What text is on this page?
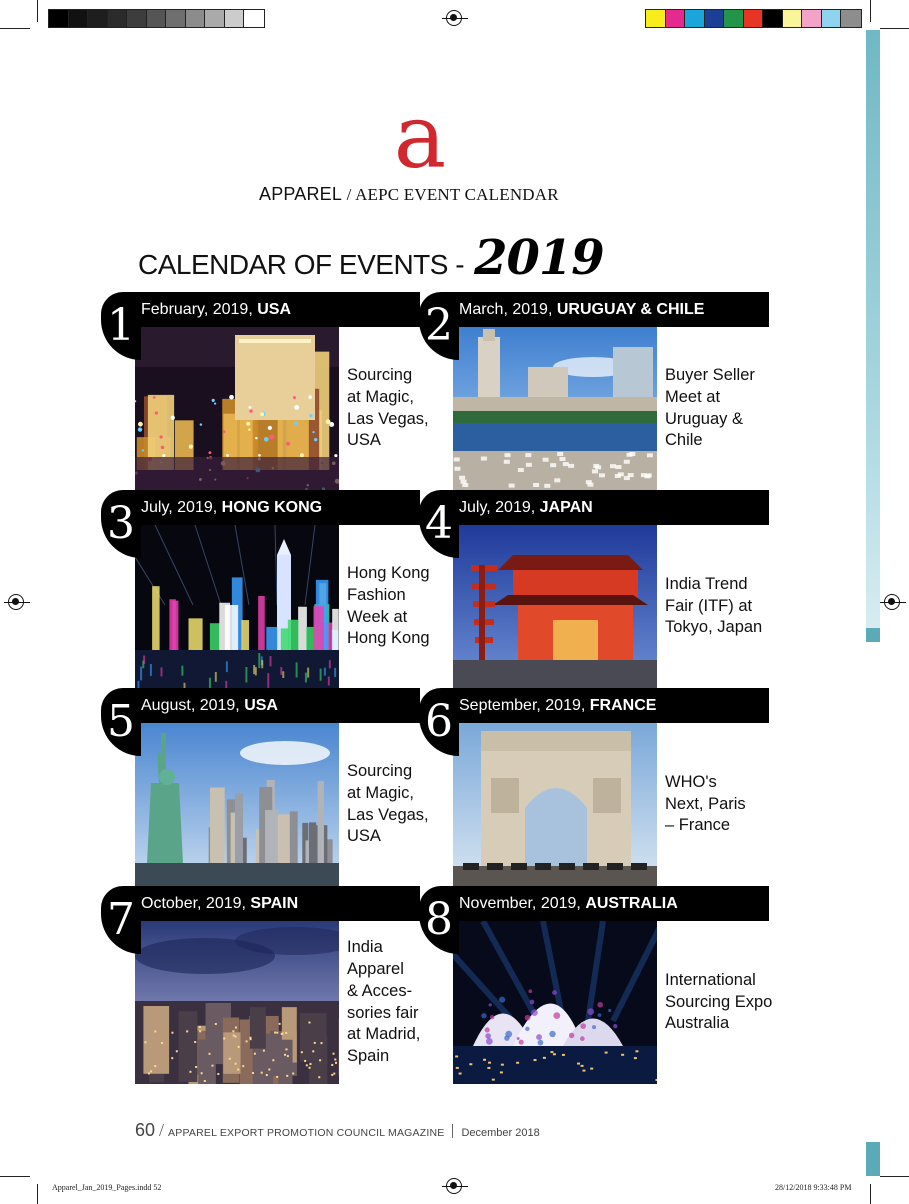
a
APPAREL / AEPC EVENT CALENDAR
CALENDAR OF EVENTS - 2019
February, 2019, USA
Sourcing
at Magic,
Las Vegas,
USA
1	March, 2019, URUGUAY & CHILE
Buyer Seller
Meet at
Uruguay &
Chile
2
July, 2019, HONG KONG
Hong Kong
Fashion
Week at
Hong Kong
3	July, 2019, JAPAN
India Trend
Fair (ITF) at
Tokyo, Japan
4
August, 2019, USA
Sourcing
at Magic,
Las Vegas,
USA
5	September, 2019, FRANCE
WHO's
Next, Paris
– France
6
October, 2019, SPAIN
India
Apparel
& Acces-
sories fair
at Madrid,
Spain
7	November, 2019, AUSTRALIA
International
Sourcing Expo
Australia
8
60 / APPAREL EXPORT PROMOTION COUNCIL MAGAZINE December 2018
Apparel_Jan_2019_Pages.indd 52	28/12/2018 9:33:48 PM
